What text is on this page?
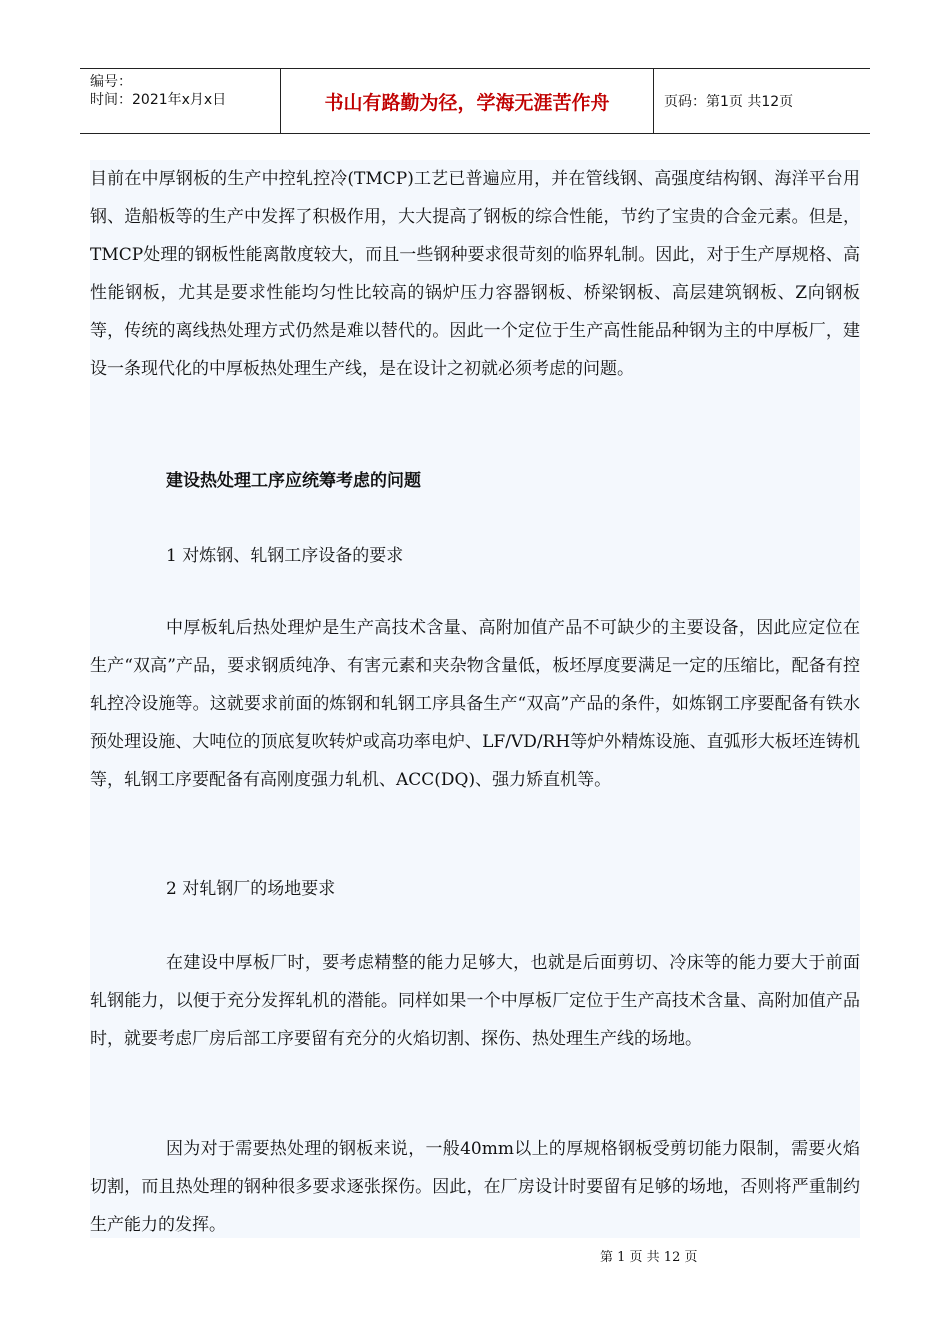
编号：
时间：2021年x月x日	书山有路勤为径，学海无涯苦作舟	页码：第1页 共12页

目前在中厚钢板的生产中控轧控冷(TMCP)工艺已普遍应用，并在管线钢、高强度结构钢、海洋平台用钢、造船板等的生产中发挥了积极作用，大大提高了钢板的综合性能，节约了宝贵的合金元素。但是，TMCP处理的钢板性能离散度较大，而且一些钢种要求很苛刻的临界轧制。因此，对于生产厚规格、高性能钢板，尤其是要求性能均匀性比较高的锅炉压力容器钢板、桥梁钢板、高层建筑钢板、Z向钢板等，传统的离线热处理方式仍然是难以替代的。因此一个定位于生产高性能品种钢为主的中厚板厂，建设一条现代化的中厚板热处理生产线，是在设计之初就必须考虑的问题。

建设热处理工序应统筹考虑的问题

1 对炼钢、轧钢工序设备的要求

中厚板轧后热处理炉是生产高技术含量、高附加值产品不可缺少的主要设备，因此应定位在生产“双高”产品，要求钢质纯净、有害元素和夹杂物含量低，板坯厚度要满足一定的压缩比，配备有控轧控冷设施等。这就要求前面的炼钢和轧钢工序具备生产“双高”产品的条件，如炼钢工序要配备有铁水预处理设施、大吨位的顶底复吹转炉或高功率电炉、LF/VD/RH等炉外精炼设施、直弧形大板坯连铸机等，轧钢工序要配备有高刚度强力轧机、ACC(DQ)、强力矫直机等。

2 对轧钢厂的场地要求

在建设中厚板厂时，要考虑精整的能力足够大，也就是后面剪切、冷床等的能力要大于前面轧钢能力，以便于充分发挥轧机的潜能。同样如果一个中厚板厂定位于生产高技术含量、高附加值产品时，就要考虑厂房后部工序要留有充分的火焰切割、探伤、热处理生产线的场地。

因为对于需要热处理的钢板来说，一般40mm以上的厚规格钢板受剪切能力限制，需要火焰切割，而且热处理的钢种很多要求逐张探伤。因此，在厂房设计时要留有足够的场地，否则将严重制约生产能力的发挥。

第 1 页 共 12 页
